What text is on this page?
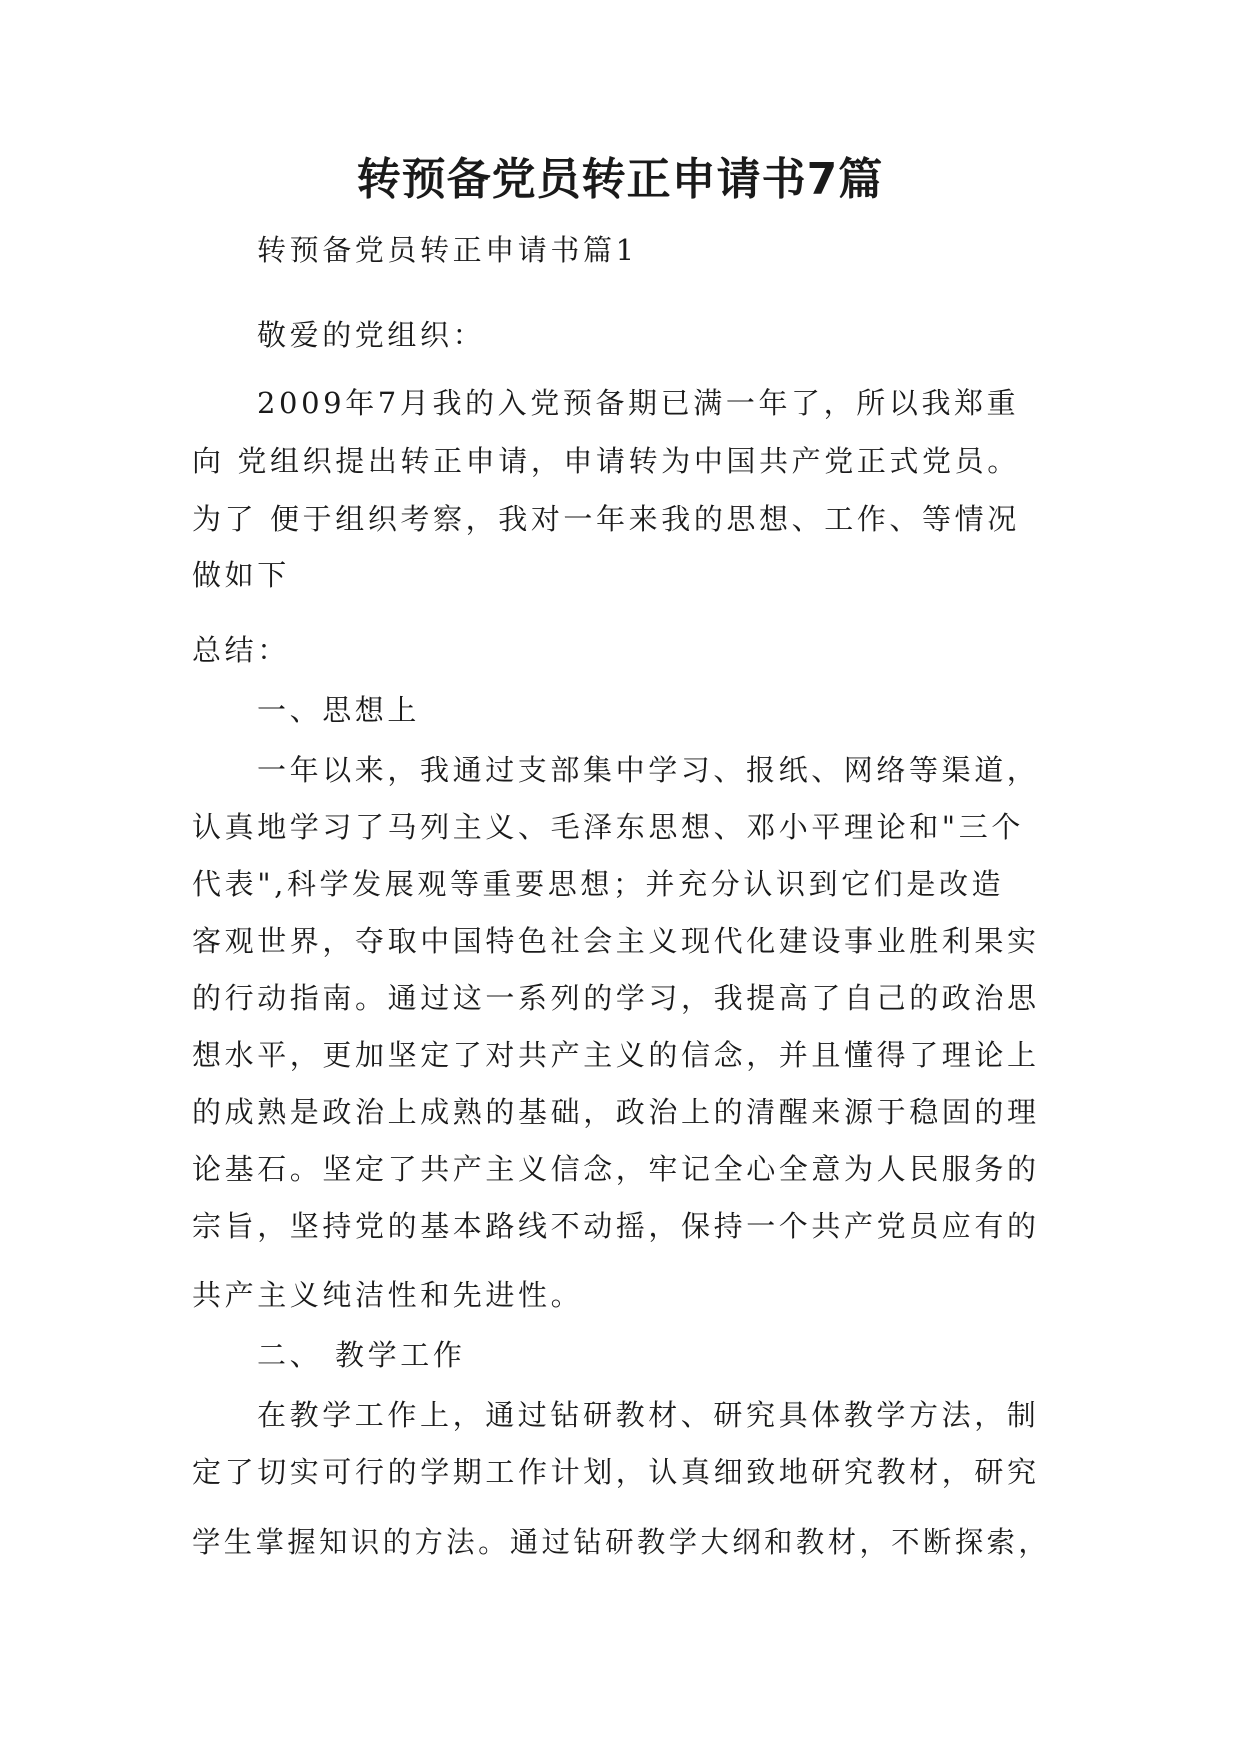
转预备党员转正申请书7篇
转预备党员转正申请书篇1
敬爱的党组织：
2009年7月我的入党预备期已满一年了，所以我郑重
向 党组织提出转正申请，申请转为中国共产党正式党员。
为了 便于组织考察，我对一年来我的思想、工作、等情况
做如下
总结：
一、思想上
一年以来，我通过支部集中学习、报纸、网络等渠道，
认真地学习了马列主义、毛泽东思想、邓小平理论和"三个
代表",科学发展观等重要思想；并充分认识到它们是改造
客观世界，夺取中国特色社会主义现代化建设事业胜利果实
的行动指南。通过这一系列的学习，我提高了自己的政治思
想水平，更加坚定了对共产主义的信念，并且懂得了理论上
的成熟是政治上成熟的基础，政治上的清醒来源于稳固的理
论基石。坚定了共产主义信念，牢记全心全意为人民服务的
宗旨，坚持党的基本路线不动摇，保持一个共产党员应有的
共产主义纯洁性和先进性。
二、 教学工作
在教学工作上，通过钻研教材、研究具体教学方法，制
定了切实可行的学期工作计划，认真细致地研究教材，研究
学生掌握知识的方法。通过钻研教学大纲和教材，不断探索，
